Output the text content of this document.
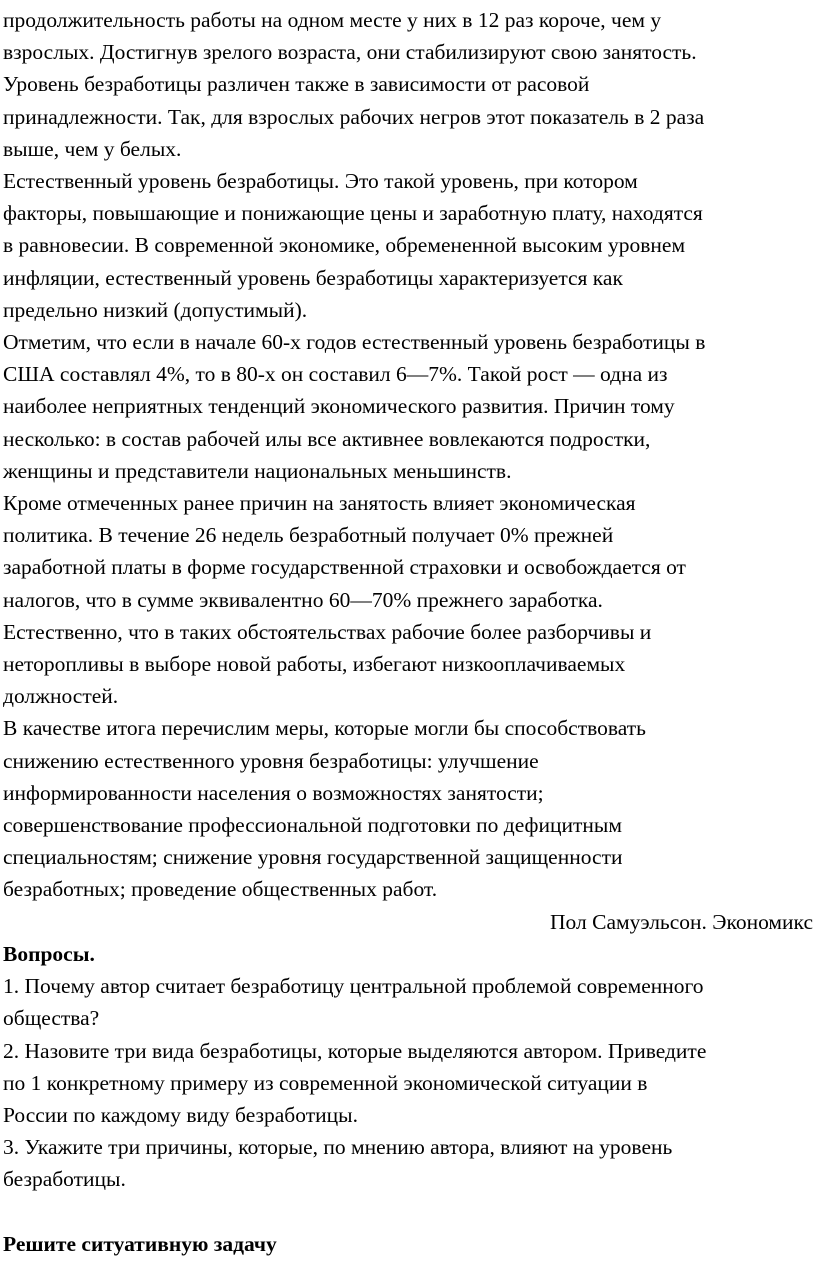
продолжительность работы на одном месте у них в 12 раз короче, чем у
взрослых. Достигнув зрелого возраста, они стабилизируют свою занятость.
Уровень безработицы различен также в зависимости от расовой
принадлежности. Так, для взрослых рабочих негров этот показатель в 2 раза
выше, чем у белых.

Естественный уровень безработицы. Это такой уровень, при котором
факторы, повышающие и понижающие цены и заработную плату, находятся
в равновесии. В современной экономике, обремененной высоким уровнем
инфляции, естественный уровень безработицы характеризуется как
предельно низкий (допустимый).

Отметим, что если в начале 60-х годов естественный уровень безработицы в
США составлял 4%, то в 80-х он составил 6—7%. Такой рост — одна из
наиболее неприятных тенденций экономического развития. Причин тому
несколько: в состав рабочей илы все активнее вовлекаются подростки,
женщины и представители национальных меньшинств.

Кроме отмеченных ранее причин на занятость влияет экономическая
политика. В течение 26 недель безработный получает 0% прежней
заработной платы в форме государственной страховки и освобождается от
налогов, что в сумме эквивалентно 60—70% прежнего заработка.
Естественно, что в таких обстоятельствах рабочие более разборчивы и
неторопливы в выборе новой работы, избегают низкооплачиваемых
должностей.

В качестве итога перечислим меры, которые могли бы способствовать
снижению естественного уровня безработицы: улучшение
информированности населения о возможностях занятости;
совершенствование профессиональной подготовки по дефицитным
специальностям; снижение уровня государственной защищенности
безработных; проведение общественных работ.

Пол Самуэльсон. Экономикс

Вопросы.

1. Почему автор считает безработицу центральной проблемой современного
общества?

2. Назовите три вида безработицы, которые выделяются автором. Приведите
по 1 конкретному примеру из современной экономической ситуации в
России по каждому виду безработицы.

3. Укажите три причины, которые, по мнению автора, влияют на уровень
безработицы.

Решите ситуативную задачу
